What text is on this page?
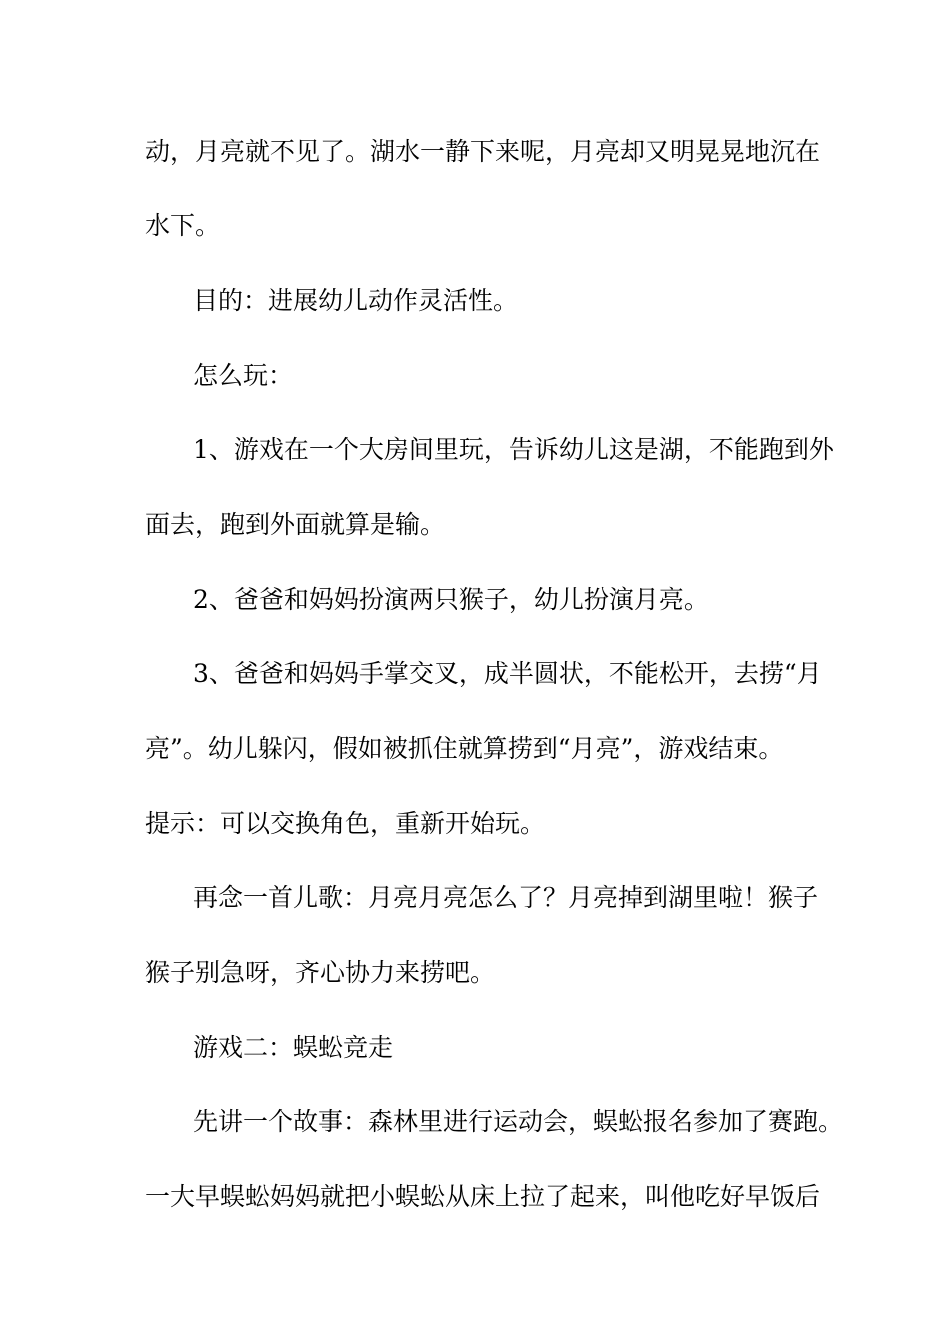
动，月亮就不见了。湖水一静下来呢，月亮却又明晃晃地沉在
水下。
目的：进展幼儿动作灵活性。
怎么玩：
1、游戏在一个大房间里玩，告诉幼儿这是湖，不能跑到外
面去，跑到外面就算是输。
2、爸爸和妈妈扮演两只猴子，幼儿扮演月亮。
3、爸爸和妈妈手掌交叉，成半圆状，不能松开，去捞“月
亮”。幼儿躲闪，假如被抓住就算捞到“月亮”，游戏结束。
提示：可以交换角色，重新开始玩。
再念一首儿歌：月亮月亮怎么了？月亮掉到湖里啦！猴子
猴子别急呀，齐心协力来捞吧。
游戏二：蜈蚣竞走
先讲一个故事：森林里进行运动会，蜈蚣报名参加了赛跑。
一大早蜈蚣妈妈就把小蜈蚣从床上拉了起来，叫他吃好早饭后
